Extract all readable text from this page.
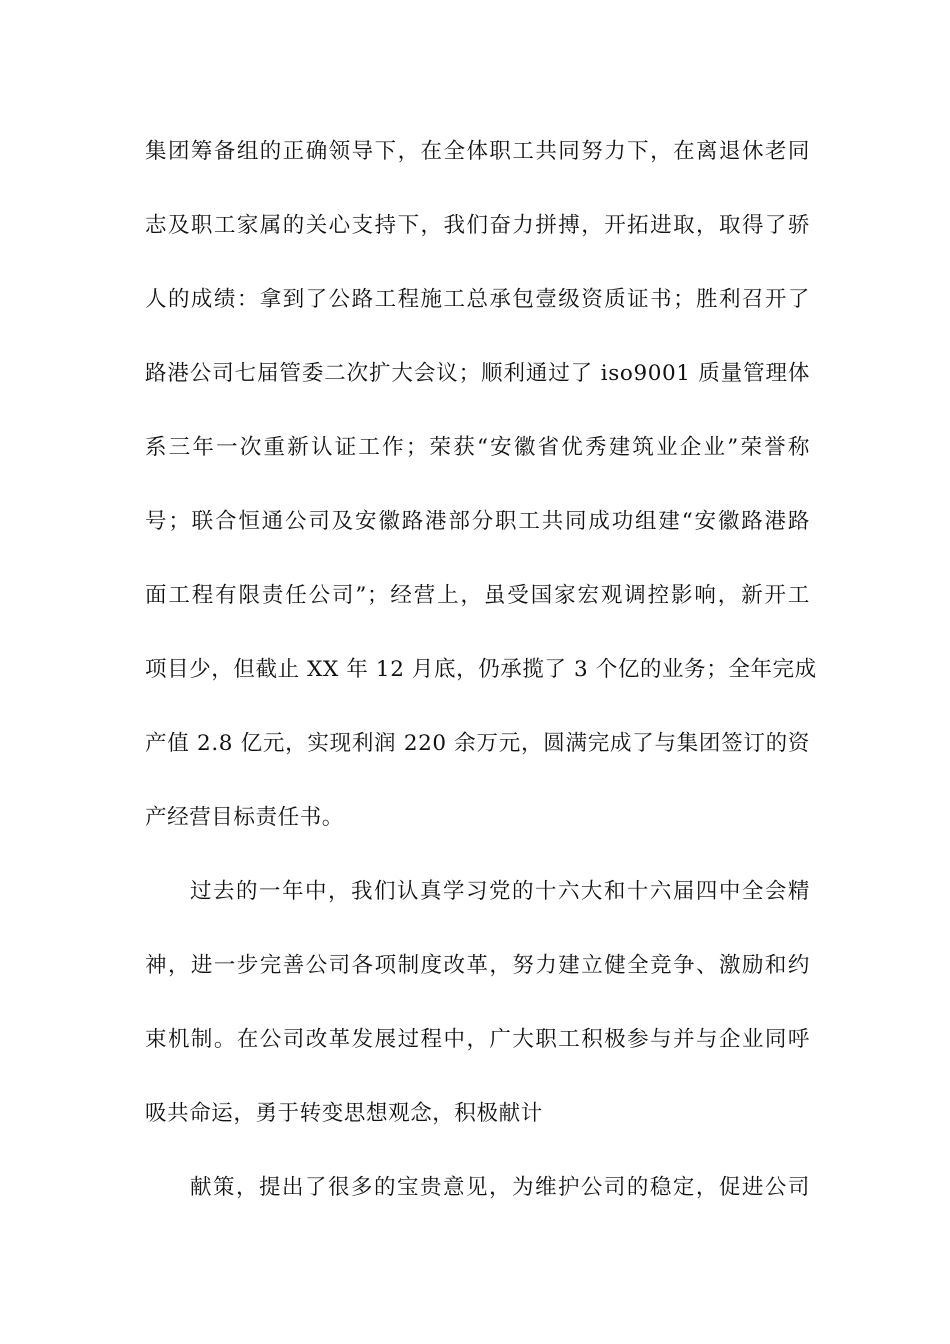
集团筹备组的正确领导下，在全体职工共同努力下，在离退休老同
志及职工家属的关心支持下，我们奋力拼搏，开拓进取，取得了骄
人的成绩：拿到了公路工程施工总承包壹级资质证书；胜利召开了
路港公司七届管委二次扩大会议；顺利通过了 iso9001 质量管理体
系三年一次重新认证工作；荣获“安徽省优秀建筑业企业”荣誉称
号；联合恒通公司及安徽路港部分职工共同成功组建“安徽路港路
面工程有限责任公司”；经营上，虽受国家宏观调控影响，新开工
项目少，但截止 XX 年 12 月底，仍承揽了 3 个亿的业务；全年完成
产值 2.8 亿元，实现利润 220 余万元，圆满完成了与集团签订的资
产经营目标责任书。
过去的一年中，我们认真学习党的十六大和十六届四中全会精
神，进一步完善公司各项制度改革，努力建立健全竞争、激励和约
束机制。在公司改革发展过程中，广大职工积极参与并与企业同呼
吸共命运，勇于转变思想观念，积极献计
献策，提出了很多的宝贵意见，为维护公司的稳定，促进公司
